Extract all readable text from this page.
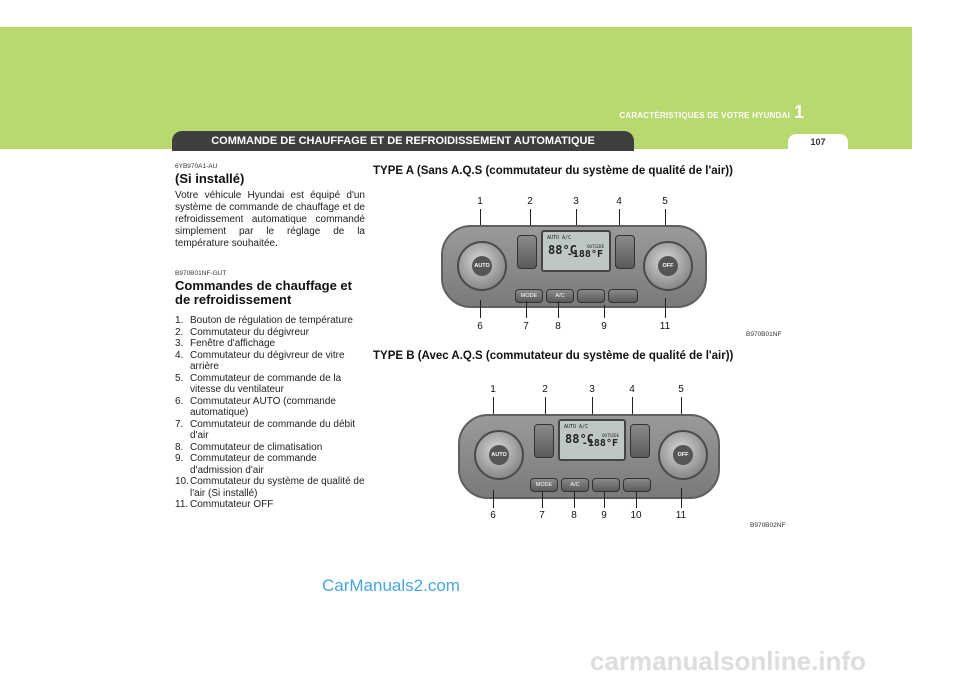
CARACTÉRISTIQUES DE VOTRE HYUNDAI 1
COMMANDE DE CHAUFFAGE ET DE REFROIDISSEMENT AUTOMATIQUE	107
6YB970A1-AU
(Si installé)
Votre véhicule Hyundai est équipé d'un système de commande de chauffage et de refroidissement automatique commandé simplement par le réglage de la température souhaitée.
B970B01NF-GUT
Commandes de chauffage et de refroidissement
1. Bouton de régulation de température
2. Commutateur du dégivreur
3. Fenêtre d'affichage
4. Commutateur du dégivreur de vitre arrière
5. Commutateur de commande de la vitesse du ventilateur
6. Commutateur AUTO (commande automatique)
7. Commutateur de commande du débit d'air
8. Commutateur de climatisation
9. Commutateur de commande d'admission d'air
10. Commutateur du système de qualité de l'air (Si installé)
11. Commutateur OFF
TYPE A (Sans A.Q.S (commutateur du système de qualité de l'air))
1	2	3	4	5
AUTO
AUTO A/C
88°C	OUTSIDE
-188°F
OFF
MODE	A/C
6	7	8	9	11
B970B01NF
TYPE B (Avec A.Q.S (commutateur du système de qualité de l'air))
1	2	3	4	5
AUTO
AUTO A/C
88°C OUTSIDE
-188°F
OFF
MODE	A/C
6	7	8 9 10	11
B970B02NF
CarManuals2.com
carmanualsonline.info
